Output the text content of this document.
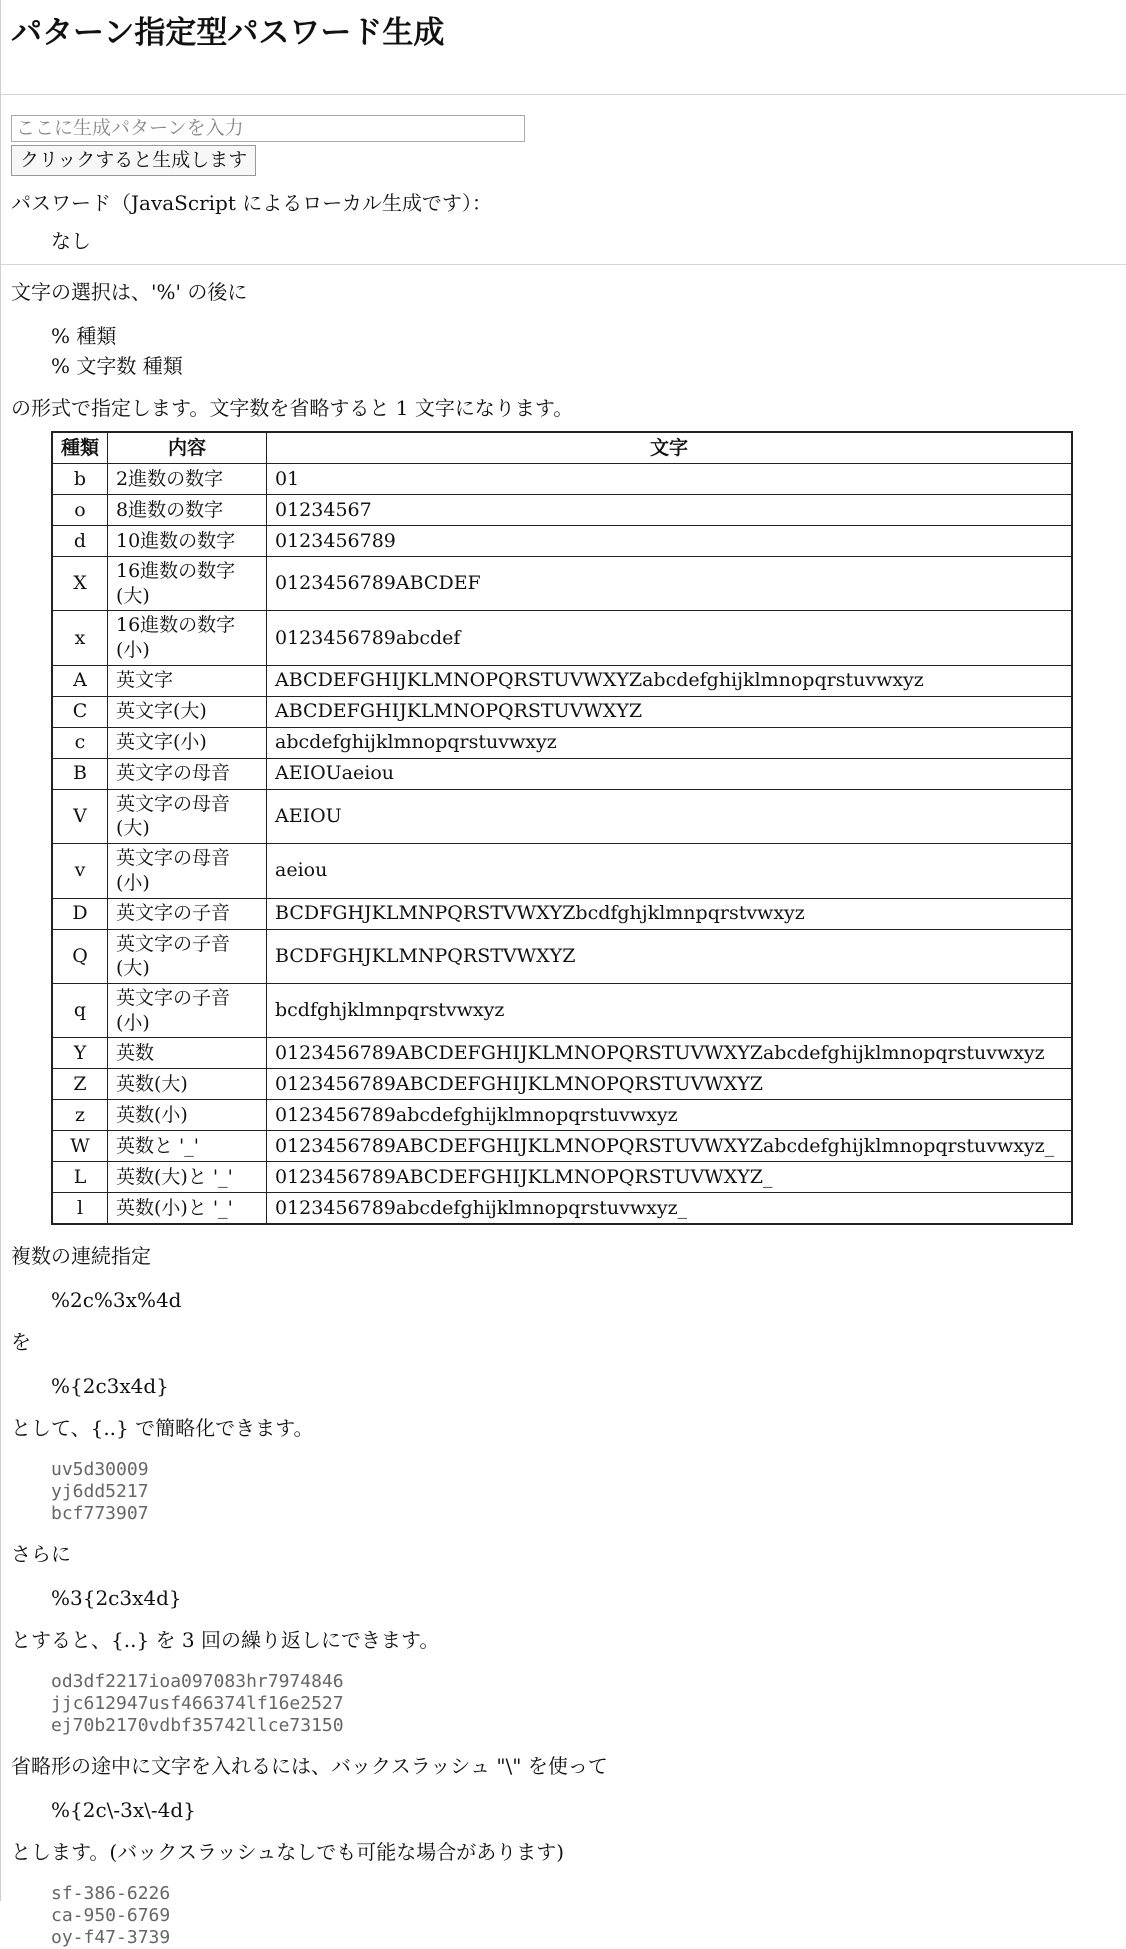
パターン指定型パスワード生成
ここに生成パターンを入力
クリックすると生成します

パスワード（JavaScript によるローカル生成です）：

なし

文字の選択は、'%' の後に

% 種類
% 文字数 種類

の形式で指定します。文字数を省略すると 1 文字になります。

種類	内容	文字
b	2進数の数字	01
o	8進数の数字	01234567
d	10進数の数字	0123456789
X	16進数の数字(大)	0123456789ABCDEF
x	16進数の数字(小)	0123456789abcdef
A	英文字	ABCDEFGHIJKLMNOPQRSTUVWXYZabcdefghijklmnopqrstuvwxyz
C	英文字(大)	ABCDEFGHIJKLMNOPQRSTUVWXYZ
c	英文字(小)	abcdefghijklmnopqrstuvwxyz
B	英文字の母音	AEIOUaeiou
V	英文字の母音(大)	AEIOU
v	英文字の母音(小)	aeiou
D	英文字の子音	BCDFGHJKLMNPQRSTVWXYZbcdfghjklmnpqrstvwxyz
Q	英文字の子音(大)	BCDFGHJKLMNPQRSTVWXYZ
q	英文字の子音(小)	bcdfghjklmnpqrstvwxyz
Y	英数	0123456789ABCDEFGHIJKLMNOPQRSTUVWXYZabcdefghijklmnopqrstuvwxyz
Z	英数(大)	0123456789ABCDEFGHIJKLMNOPQRSTUVWXYZ
z	英数(小)	0123456789abcdefghijklmnopqrstuvwxyz
W	英数と '_'	0123456789ABCDEFGHIJKLMNOPQRSTUVWXYZabcdefghijklmnopqrstuvwxyz_
L	英数(大)と '_'	0123456789ABCDEFGHIJKLMNOPQRSTUVWXYZ_
l	英数(小)と '_'	0123456789abcdefghijklmnopqrstuvwxyz_

複数の連続指定

%2c%3x%4d

を

%{2c3x4d}

として、{..} で簡略化できます。

uv5d30009
yj6dd5217
bcf773907

さらに

%3{2c3x4d}

とすると、{..} を 3 回の繰り返しにできます。

od3df2217ioa097083hr7974846
jjc612947usf466374lf16e2527
ej70b2170vdbf35742llce73150

省略形の途中に文字を入れるには、バックスラッシュ "\" を使って

%{2c\-3x\-4d}

とします。(バックスラッシュなしでも可能な場合があります)

sf-386-6226
ca-950-6769
oy-f47-3739
